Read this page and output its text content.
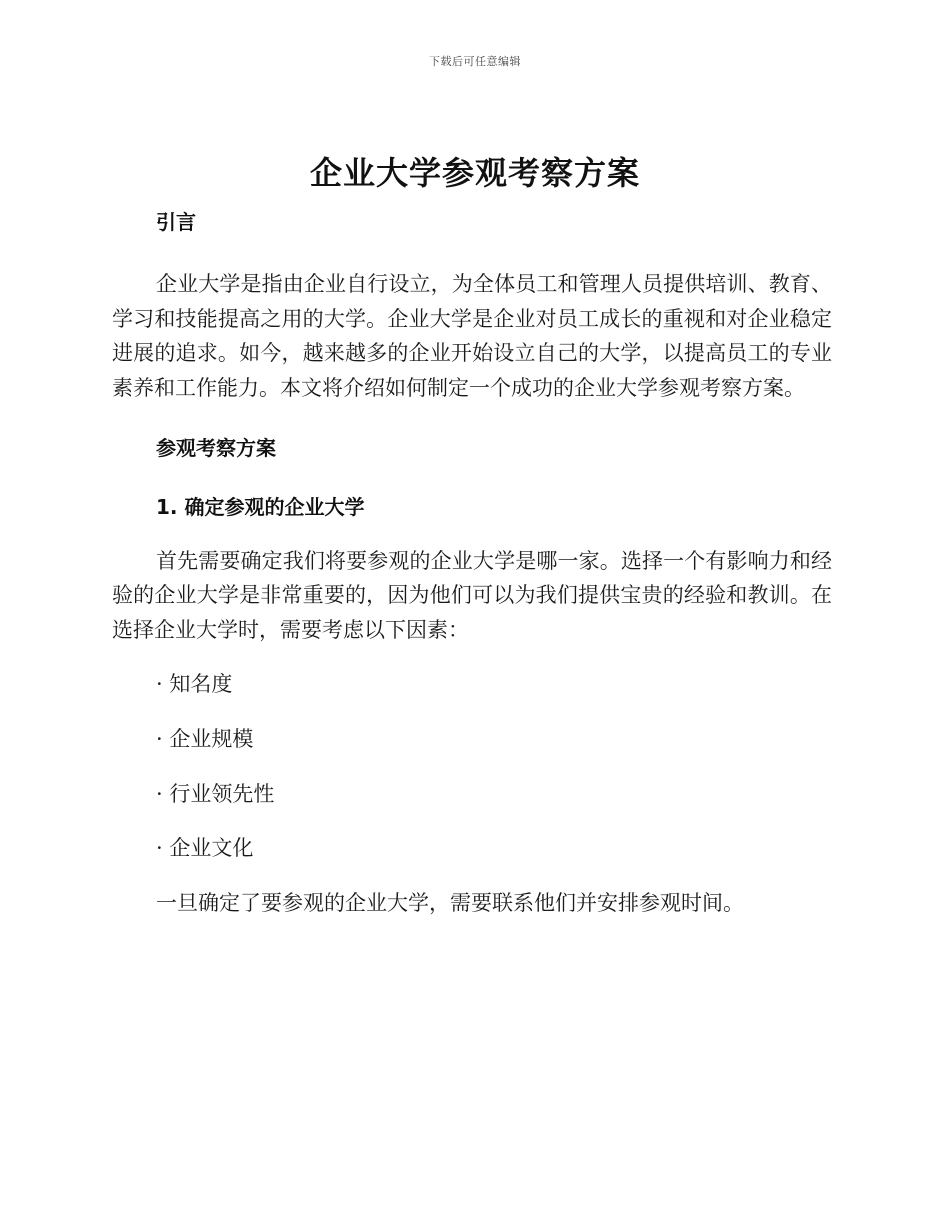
下载后可任意编辑
企业大学参观考察方案

引言

企业大学是指由企业自行设立，为全体员工和管理人员提供培训、教育、学习和技能提高之用的大学。企业大学是企业对员工成长的重视和对企业稳定进展的追求。如今，越来越多的企业开始设立自己的大学，以提高员工的专业素养和工作能力。本文将介绍如何制定一个成功的企业大学参观考察方案。

参观考察方案

1. 确定参观的企业大学

首先需要确定我们将要参观的企业大学是哪一家。选择一个有影响力和经验的企业大学是非常重要的，因为他们可以为我们提供宝贵的经验和教训。在选择企业大学时，需要考虑以下因素：

· 知名度

· 企业规模

· 行业领先性

· 企业文化

一旦确定了要参观的企业大学，需要联系他们并安排参观时间。
